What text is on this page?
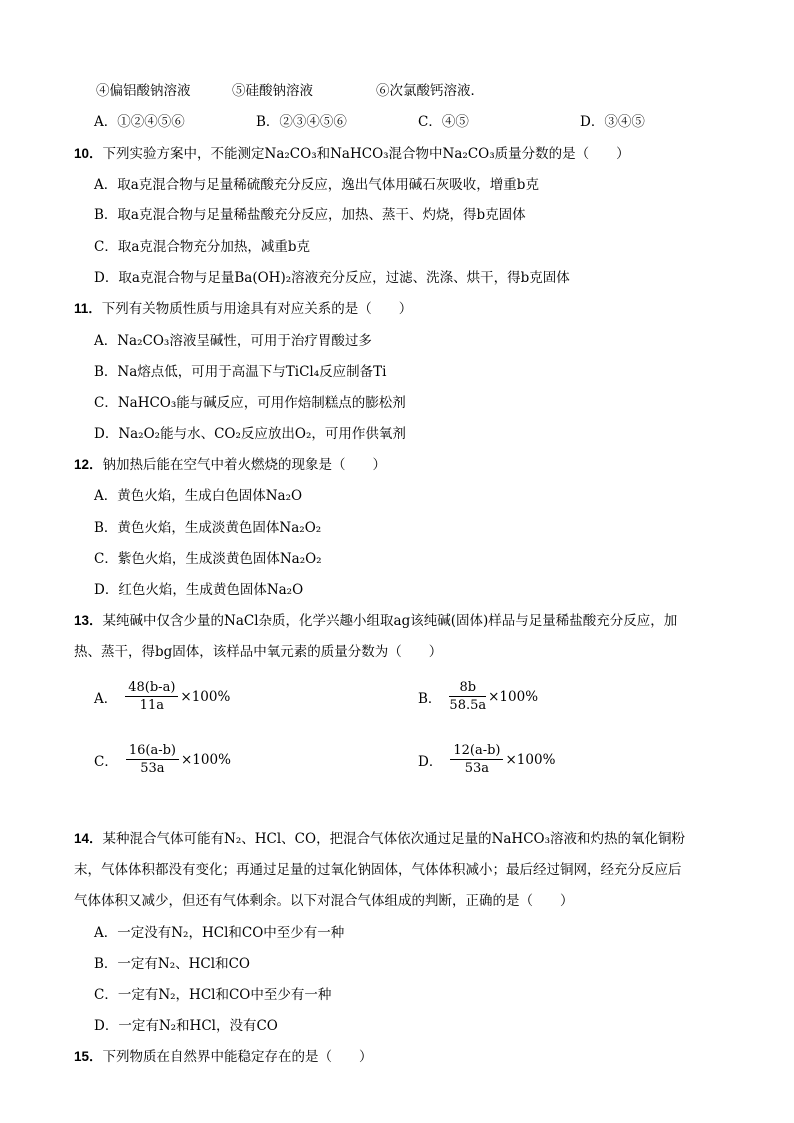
④偏铝酸钠溶液	⑤硅酸钠溶液	⑥次氯酸钙溶液．
A．①②④⑤⑥	B．②③④⑤⑥	C．④⑤	D．③④⑤
10．下列实验方案中，不能测定Na₂CO₃和NaHCO₃混合物中Na₂CO₃质量分数的是（　　）
A．取a克混合物与足量稀硫酸充分反应，逸出气体用碱石灰吸收，增重b克
B．取a克混合物与足量稀盐酸充分反应，加热、蒸干、灼烧，得b克固体
C．取a克混合物充分加热，减重b克
D．取a克混合物与足量Ba(OH)₂溶液充分反应，过滤、洗涤、烘干，得b克固体
11．下列有关物质性质与用途具有对应关系的是（　　）
A．Na₂CO₃溶液呈碱性，可用于治疗胃酸过多
B．Na熔点低，可用于高温下与TiCl₄反应制备Ti
C．NaHCO₃能与碱反应，可用作焙制糕点的膨松剂
D．Na₂O₂能与水、CO₂反应放出O₂，可用作供氧剂
12．钠加热后能在空气中着火燃烧的现象是（　　）
A．黄色火焰，生成白色固体Na₂O
B．黄色火焰，生成淡黄色固体Na₂O₂
C．紫色火焰，生成淡黄色固体Na₂O₂
D．红色火焰，生成黄色固体Na₂O
13．某纯碱中仅含少量的NaCl杂质，化学兴趣小组取ag该纯碱(固体)样品与足量稀盐酸充分反应，加
热、蒸干，得bg固体，该样品中氧元素的质量分数为（　　）
A． $\frac{48(b-a)}{11a} \times 100\%$	B． $\frac{8b}{58.5a} \times 100\%$
C． $\frac{16(a-b)}{53a} \times 100\%$	D． $\frac{12(a-b)}{53a} \times 100\%$
14．某种混合气体可能有N₂、HCl、CO，把混合气体依次通过足量的NaHCO₃溶液和灼热的氧化铜粉
末，气体体积都没有变化；再通过足量的过氧化钠固体，气体体积减小；最后经过铜网，经充分反应后
气体体积又减少，但还有气体剩余。以下对混合气体组成的判断，正确的是（　　）
A．一定没有N₂，HCl和CO中至少有一种
B．一定有N₂、HCl和CO
C．一定有N₂，HCl和CO中至少有一种
D．一定有N₂和HCl，没有CO
15．下列物质在自然界中能稳定存在的是（　　）
